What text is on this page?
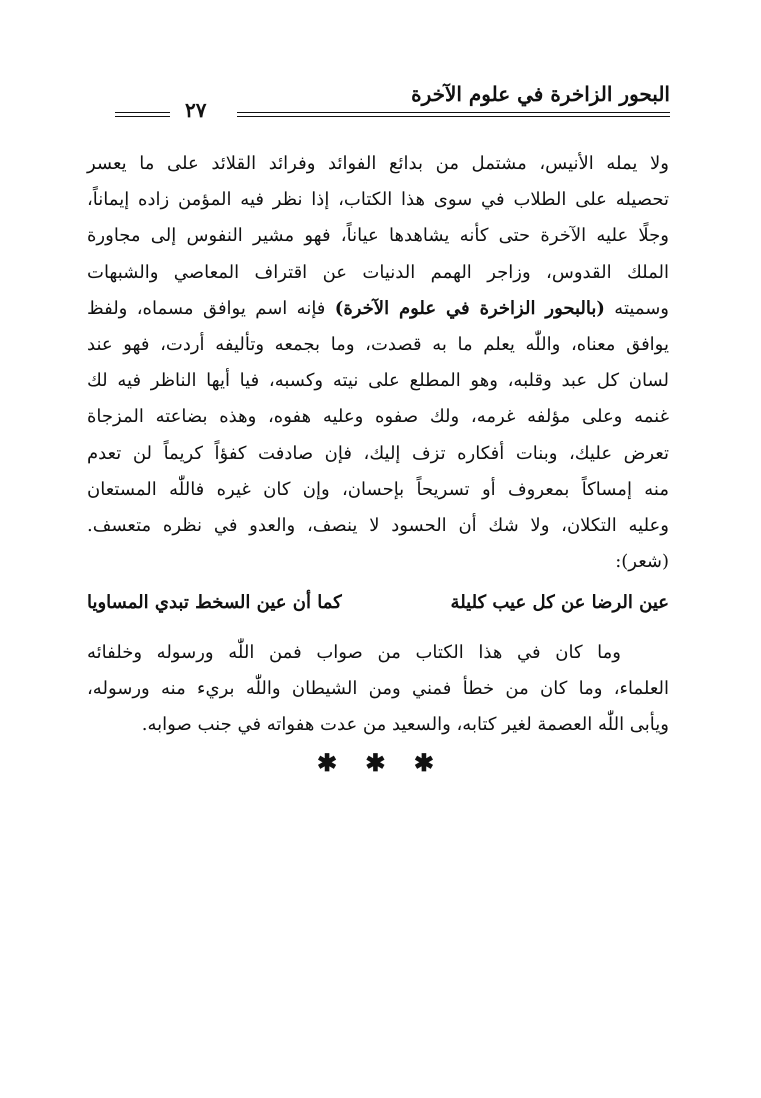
البحور الزاخرة في علوم الآخرة
٢٧
ولا يمله الأنيس، مشتمل من بدائع الفوائد وفرائد القلائد على ما يعسر
تحصيله على الطلاب في سوى هذا الكتاب، إذا نظر فيه المؤمن زاده إيماناً،
وجلًا عليه الآخرة حتى كأنه يشاهدها عياناً، فهو مشير النفوس إلى مجاورة
الملك القدوس، وزاجر الهمم الدنيات عن اقتراف المعاصي والشبهات
وسميته (بالبحور الزاخرة في علوم الآخرة) فإنه اسم يوافق مسماه، ولفظ
يوافق معناه، واللّٰه يعلم ما به قصدت، وما بجمعه وتأليفه أردت، فهو عند
لسان كل عبد وقلبه، وهو المطلع على نيته وكسبه، فيا أيها الناظر فيه لك
غنمه وعلى مؤلفه غرمه، ولك صفوه وعليه هفوه، وهذه بضاعته المزجاة
تعرض عليك، وبنات أفكاره تزف إليك، فإن صادفت كفؤاً كريماً لن تعدم
منه إمساكاً بمعروف أو تسريحاً بإحسان، وإن كان غيره فاللّٰه المستعان
وعليه التكلان، ولا شك أن الحسود لا ينصف، والعدو في نظره متعسف.
(شعر):
عين الرضا عن كل عيب كليلة
كما أن عين السخط تبدي المساويا
وما كان في هذا الكتاب من صواب فمن اللّٰه ورسوله وخلفائه
العلماء، وما كان من خطأ فمني ومن الشيطان واللّٰه بريء منه ورسوله،
ويأبى اللّٰه العصمة لغير كتابه، والسعيد من عدت هفواته في جنب صوابه.
✱ ✱ ✱
